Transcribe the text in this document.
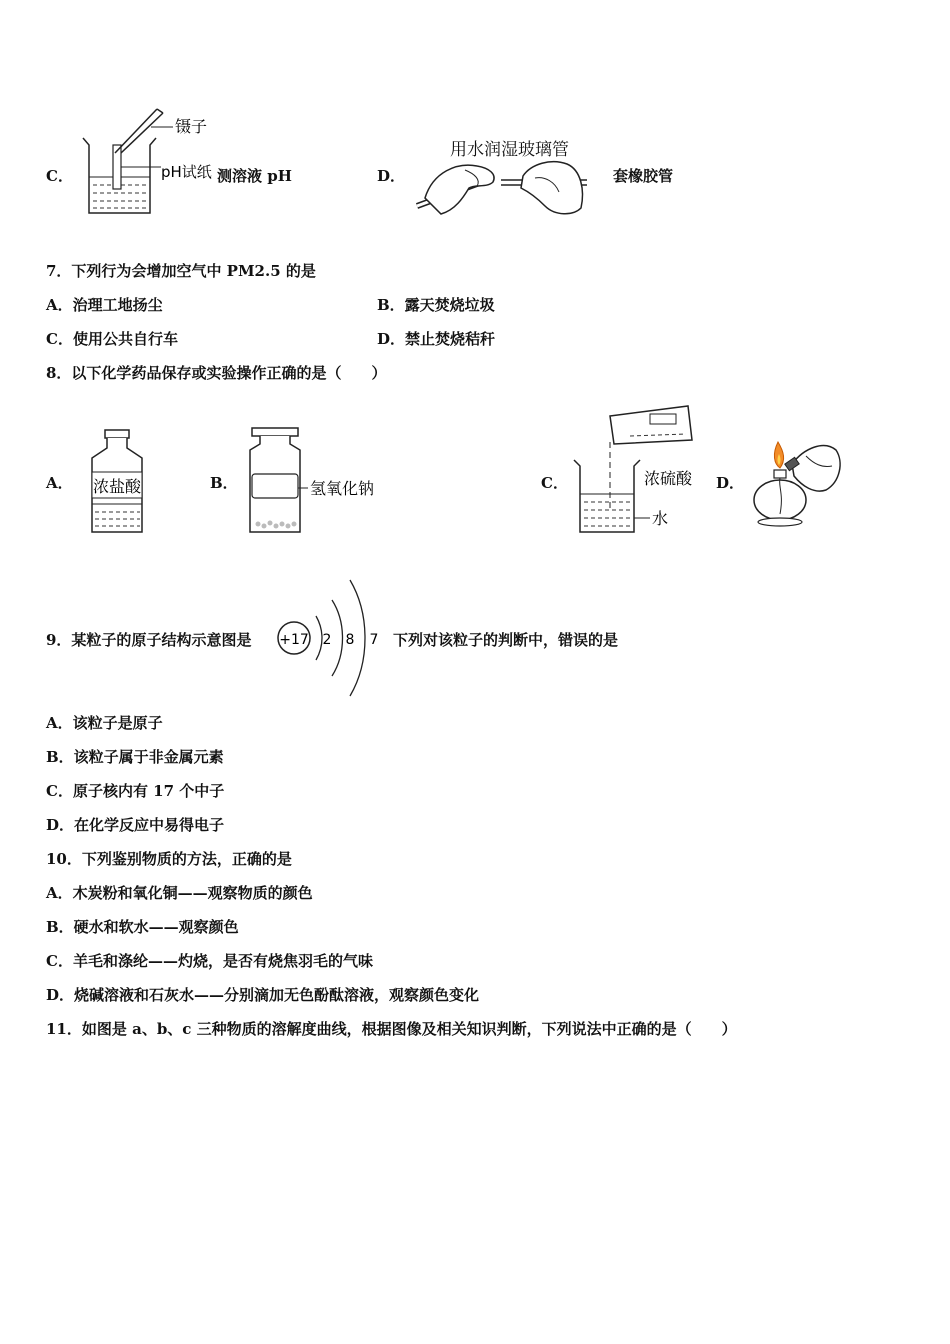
C．
镊子
pH试纸 测溶液 pH	D．
用水润湿玻璃管
套橡胶管
7．下列行为会增加空气中 PM2.5 的是
A．治理工地扬尘	B．露天焚烧垃圾
C．使用公共自行车	D．禁止焚烧秸秆
8．以下化学药品保存或实验操作正确的是（　　）
A． 浓盐酸	B．	氢氧化钠	C．	浓硫酸
水
D．
9．某粒子的原子结构示意图是 +17 2 8 7 下列对该粒子的判断中，错误的是
A．该粒子是原子
B．该粒子属于非金属元素
C．原子核内有 17 个中子
D．在化学反应中易得电子
10．下列鉴别物质的方法，正确的是
A．木炭粉和氧化铜——观察物质的颜色
B．硬水和软水——观察颜色
C．羊毛和涤纶——灼烧，是否有烧焦羽毛的气味
D．烧碱溶液和石灰水——分别滴加无色酚酞溶液，观察颜色变化
11．如图是 a、b、c 三种物质的溶解度曲线，根据图像及相关知识判断，下列说法中正确的是（　　）
